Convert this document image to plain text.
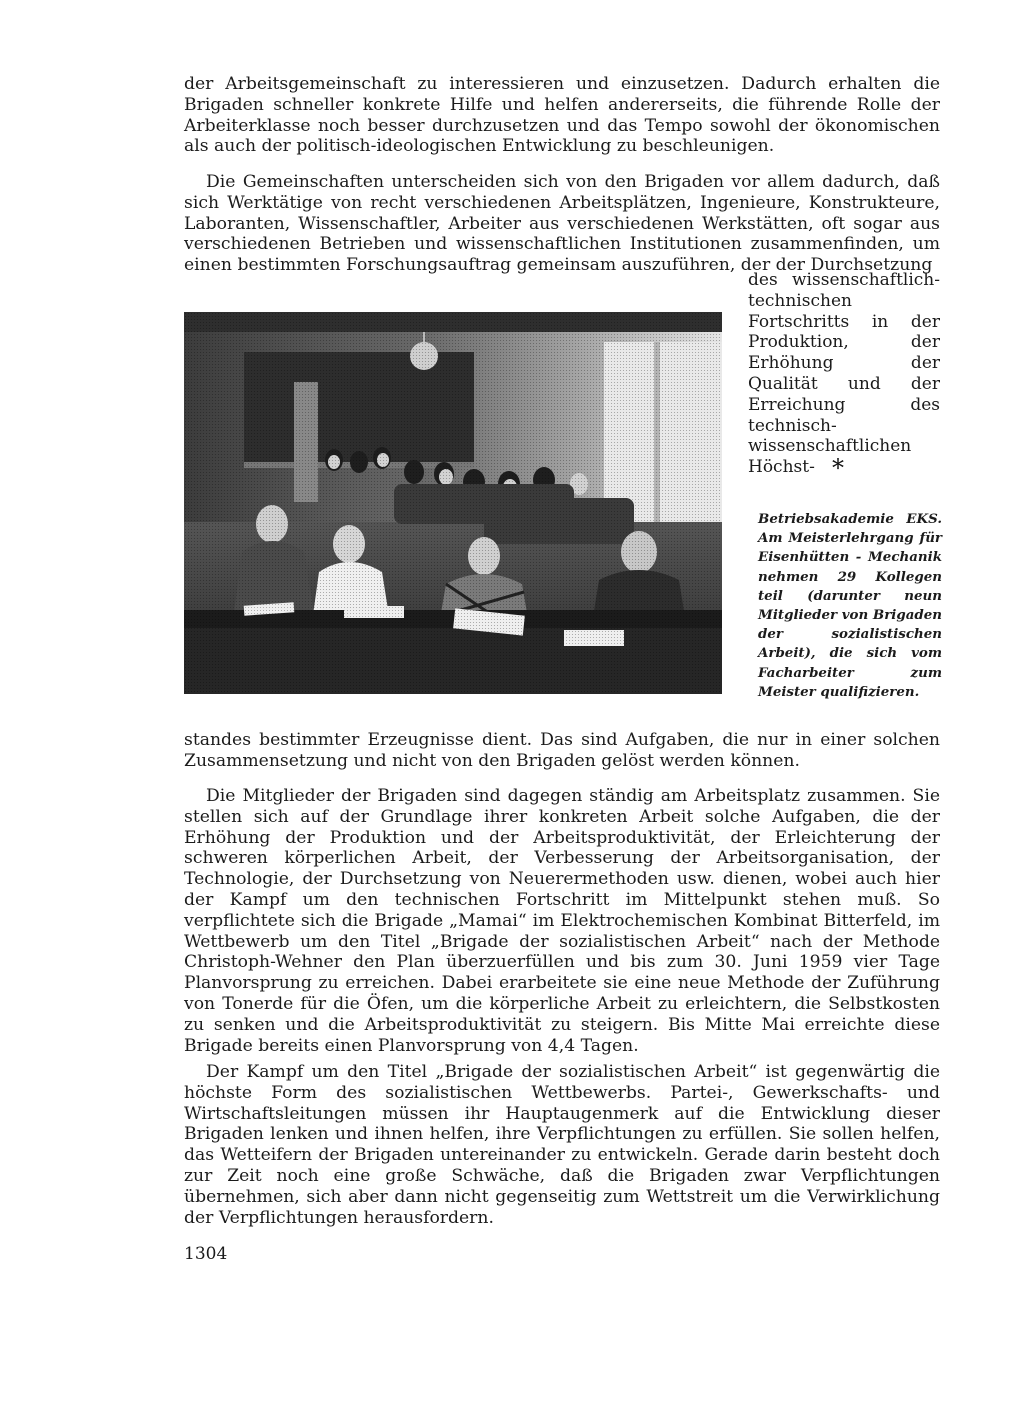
der Arbeitsgemeinschaft zu interessieren und einzusetzen. Dadurch erhalten die Brigaden schneller konkrete Hilfe und helfen andererseits, die führende Rolle der Arbeiterklasse noch besser durchzusetzen und das Tempo sowohl der ökonomischen als auch der politisch-ideologischen Entwicklung zu beschleunigen.

Die Gemeinschaften unterscheiden sich von den Brigaden vor allem dadurch, daß sich Werktätige von recht verschiedenen Arbeitsplätzen, Ingenieure, Konstrukteure, Laboranten, Wissenschaftler, Arbeiter aus verschiedenen Werkstätten, oft sogar aus verschiedenen Betrieben und wissenschaftlichen Institutionen zusammenfinden, um einen bestimmten Forschungsauftrag gemeinsam auszuführen, der der Durchsetzung

des wissenschaftlich-technischen Fortschritts in der Produktion, der Erhöhung der Qualität und der Erreichung des technisch-wissenschaftlichen Höchst- *

Betriebsakademie EKS. Am Meisterlehrgang für Eisenhütten - Mechanik nehmen 29 Kollegen teil (darunter neun Mitglieder von Brigaden der sozialistischen Arbeit), die sich vom Facharbeiter zum Meister qualifizieren.

standes bestimmter Erzeugnisse dient. Das sind Aufgaben, die nur in einer solchen Zusammensetzung und nicht von den Brigaden gelöst werden können.

Die Mitglieder der Brigaden sind dagegen ständig am Arbeitsplatz zusammen. Sie stellen sich auf der Grundlage ihrer konkreten Arbeit solche Aufgaben, die der Erhöhung der Produktion und der Arbeitsproduktivität, der Erleichterung der schweren körperlichen Arbeit, der Verbesserung der Arbeitsorganisation, der Technologie, der Durchsetzung von Neuerermethoden usw. dienen, wobei auch hier der Kampf um den technischen Fortschritt im Mittelpunkt stehen muß. So verpflichtete sich die Brigade „Mamai“ im Elektrochemischen Kombinat Bitterfeld, im Wettbewerb um den Titel „Brigade der sozialistischen Arbeit“ nach der Methode Christoph-Wehner den Plan überzuerfüllen und bis zum 30. Juni 1959 vier Tage Planvorsprung zu erreichen. Dabei erarbeitete sie eine neue Methode der Zuführung von Tonerde für die Öfen, um die körperliche Arbeit zu erleichtern, die Selbstkosten zu senken und die Arbeitsproduktivität zu steigern. Bis Mitte Mai erreichte diese Brigade bereits einen Planvorsprung von 4,4 Tagen.

Der Kampf um den Titel „Brigade der sozialistischen Arbeit“ ist gegenwärtig die höchste Form des sozialistischen Wettbewerbs. Partei-, Gewerkschafts- und Wirtschaftsleitungen müssen ihr Hauptaugenmerk auf die Entwicklung dieser Brigaden lenken und ihnen helfen, ihre Verpflichtungen zu erfüllen. Sie sollen helfen, das Wetteifern der Brigaden untereinander zu entwickeln. Gerade darin besteht doch zur Zeit noch eine große Schwäche, daß die Brigaden zwar Verpflichtungen übernehmen, sich aber dann nicht gegenseitig zum Wettstreit um die Verwirklichung der Verpflichtungen herausfordern.

1304
